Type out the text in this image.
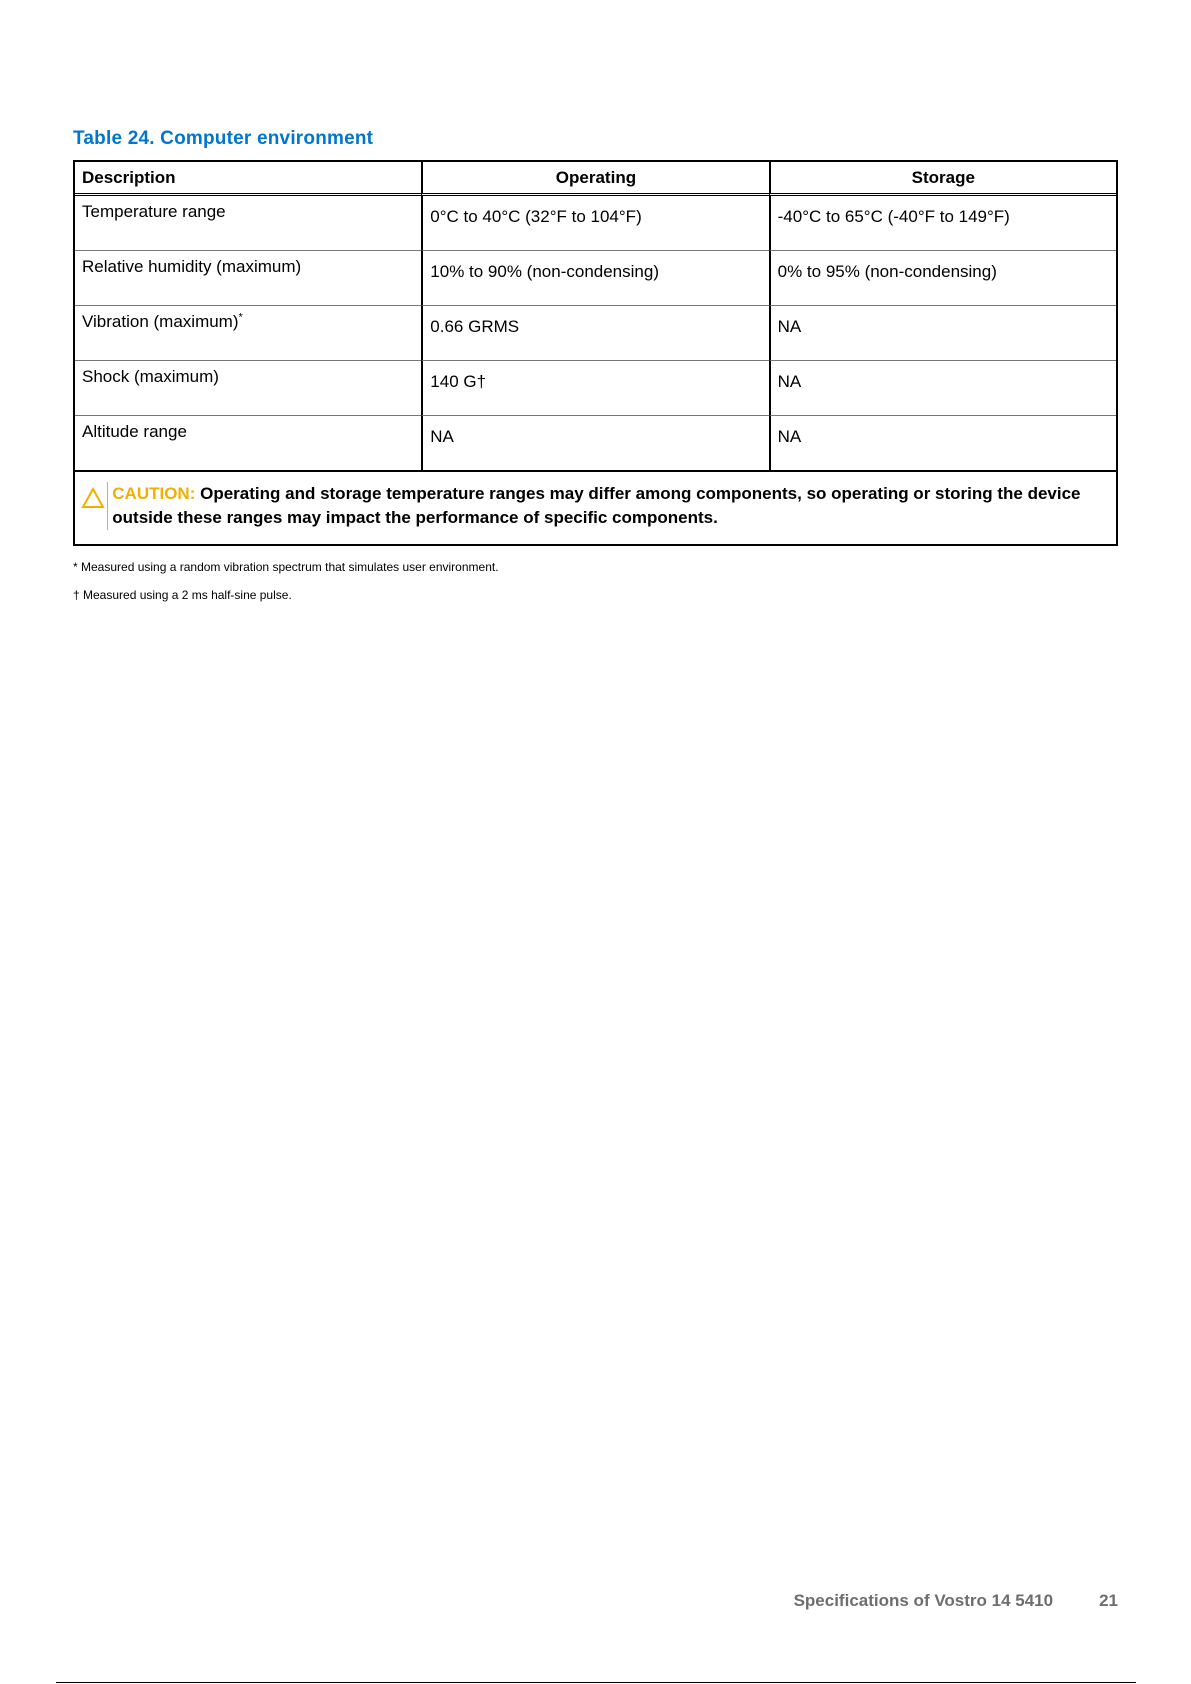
Table 24. Computer environment
Description	Operating	Storage
Temperature range	0°C to 40°C (32°F to 104°F)	-40°C to 65°C (-40°F to 149°F)
Relative humidity (maximum)	10% to 90% (non-condensing)	0% to 95% (non-condensing)
Vibration (maximum)*	0.66 GRMS	NA
Shock (maximum)	140 G†	NA
Altitude range	NA	NA

CAUTION: Operating and storage temperature ranges may differ among components, so operating or storing the device outside these ranges may impact the performance of specific components.		

* Measured using a random vibration spectrum that simulates user environment.

† Measured using a 2 ms half-sine pulse.

Specifications of Vostro 14 5410	21
